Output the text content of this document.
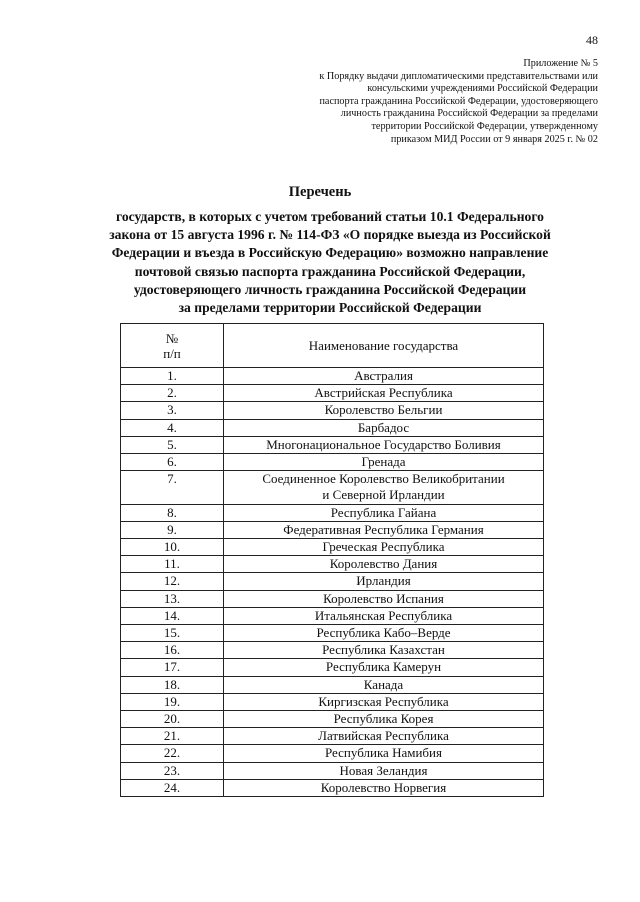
48
Приложение № 5
к Порядку выдачи дипломатическими представительствами или
консульскими учреждениями Российской Федерации
паспорта гражданина Российской Федерации, удостоверяющего
личность гражданина Российской Федерации за пределами
территории Российской Федерации, утвержденному
приказом МИД России от 9 января 2025 г. № 02
Перечень
государств, в которых с учетом требований статьи 10.1 Федерального
закона от 15 августа 1996 г. № 114-ФЗ «О порядке выезда из Российской
Федерации и въезда в Российскую Федерацию» возможно направление
почтовой связью паспорта гражданина Российской Федерации,
удостоверяющего личность гражданина Российской Федерации
за пределами территории Российской Федерации
№
п/п	Наименование государства
1.	Австралия

2.	Австрийская Республика

3.	Королевство Бельгии

4.	Барбадос

5.	Многонациональное Государство Боливия

6.	Гренада

7.	Соединенное Королевство Великобритании
и Северной Ирландии

8.	Республика Гайана

9.	Федеративная Республика Германия

10.	Греческая Республика

11.	Королевство Дания

12.	Ирландия

13.	Королевство Испания

14.	Итальянская Республика

15.	Республика Кабо–Верде

16.	Республика Казахстан

17.	Республика Камерун

18.	Канада

19.	Киргизская Республика

20.	Республика Корея

21.	Латвийская Республика

22.	Республика Намибия

23.	Новая Зеландия

24.	Королевство Норвегия
